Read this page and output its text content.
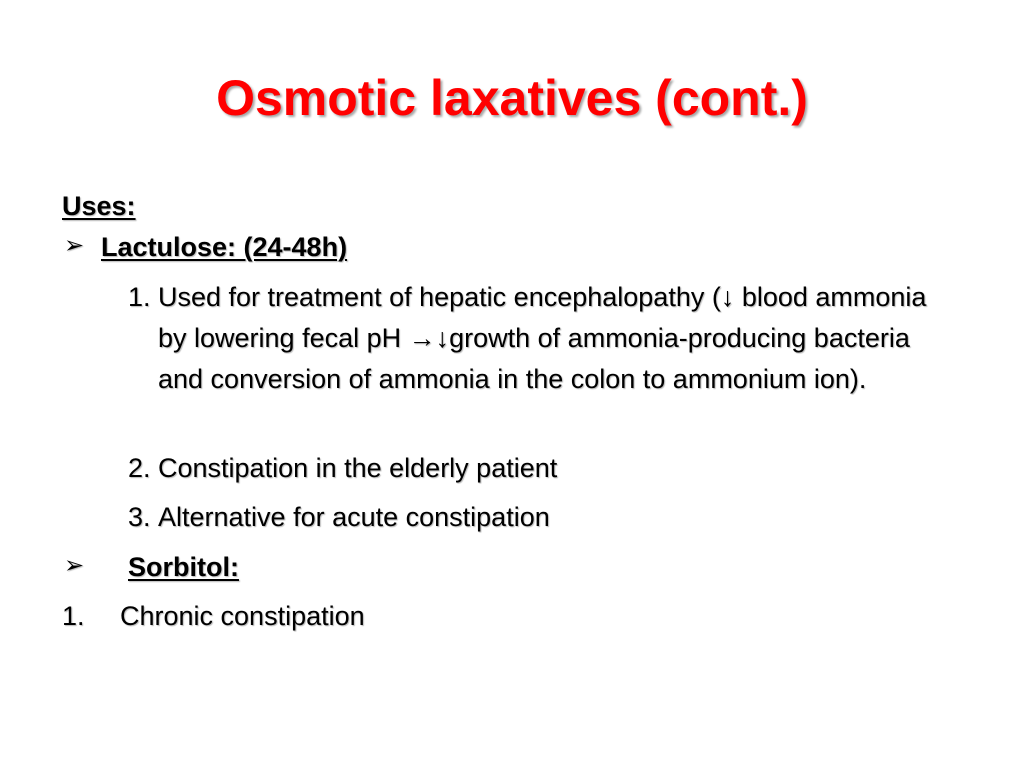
Osmotic laxatives (cont.)
Uses:
➢ Lactulose: (24-48h)
1. Used for treatment of hepatic encephalopathy (↓ blood ammonia by lowering fecal pH →↓growth of ammonia-producing bacteria and conversion of ammonia in the colon to ammonium ion).
2. Constipation in the elderly patient
3. Alternative for acute constipation
➢ Sorbitol:
1. Chronic constipation
